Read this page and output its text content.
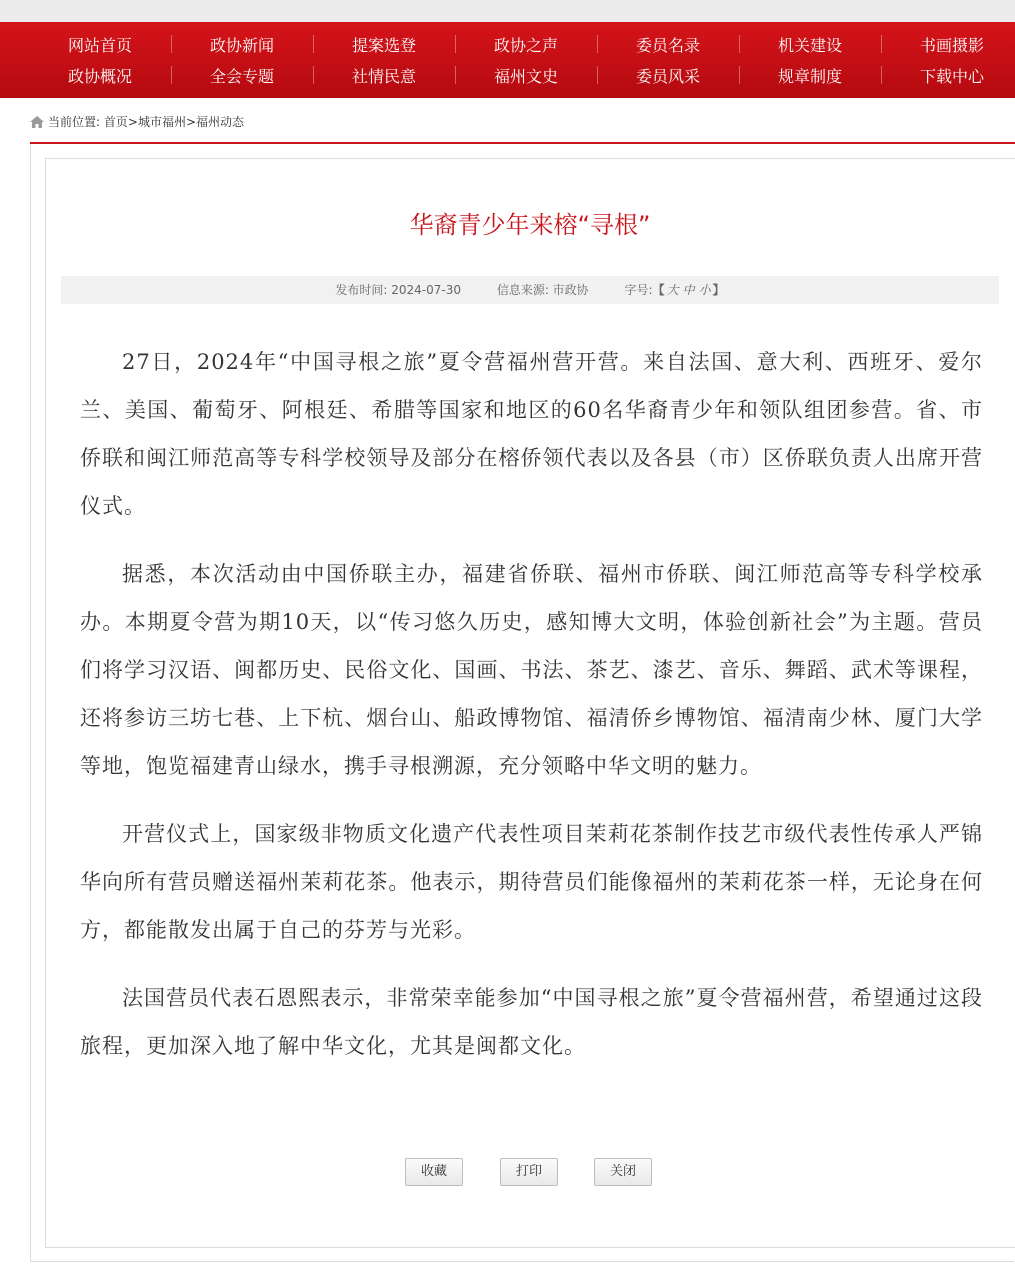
网站首页	政协新闻	提案选登	政协之声	委员名录	机关建设	书画摄影
政协概况	全会专题	社情民意	福州文史	委员风采	规章制度	下载中心
当前位置: 首页>城市福州>福州动态
华裔青少年来榕“寻根”
发布时间: 2024-07-30	信息来源: 市政协	字号:【 大 中 小 】

27日，2024年“中国寻根之旅”夏令营福州营开营。来自法国、意大利、西班牙、爱尔兰、美国、葡萄牙、阿根廷、希腊等国家和地区的60名华裔青少年和领队组团参营。省、市侨联和闽江师范高等专科学校领导及部分在榕侨领代表以及各县（市）区侨联负责人出席开营仪式。

据悉，本次活动由中国侨联主办，福建省侨联、福州市侨联、闽江师范高等专科学校承办。本期夏令营为期10天，以“传习悠久历史，感知博大文明，体验创新社会”为主题。营员们将学习汉语、闽都历史、民俗文化、国画、书法、茶艺、漆艺、音乐、舞蹈、武术等课程，还将参访三坊七巷、上下杭、烟台山、船政博物馆、福清侨乡博物馆、福清南少林、厦门大学等地，饱览福建青山绿水，携手寻根溯源，充分领略中华文明的魅力。

开营仪式上，国家级非物质文化遗产代表性项目茉莉花茶制作技艺市级代表性传承人严锦华向所有营员赠送福州茉莉花茶。他表示，期待营员们能像福州的茉莉花茶一样，无论身在何方，都能散发出属于自己的芬芳与光彩。

法国营员代表石恩熙表示，非常荣幸能参加“中国寻根之旅”夏令营福州营，希望通过这段旅程，更加深入地了解中华文化，尤其是闽都文化。

收藏	打印	关闭
